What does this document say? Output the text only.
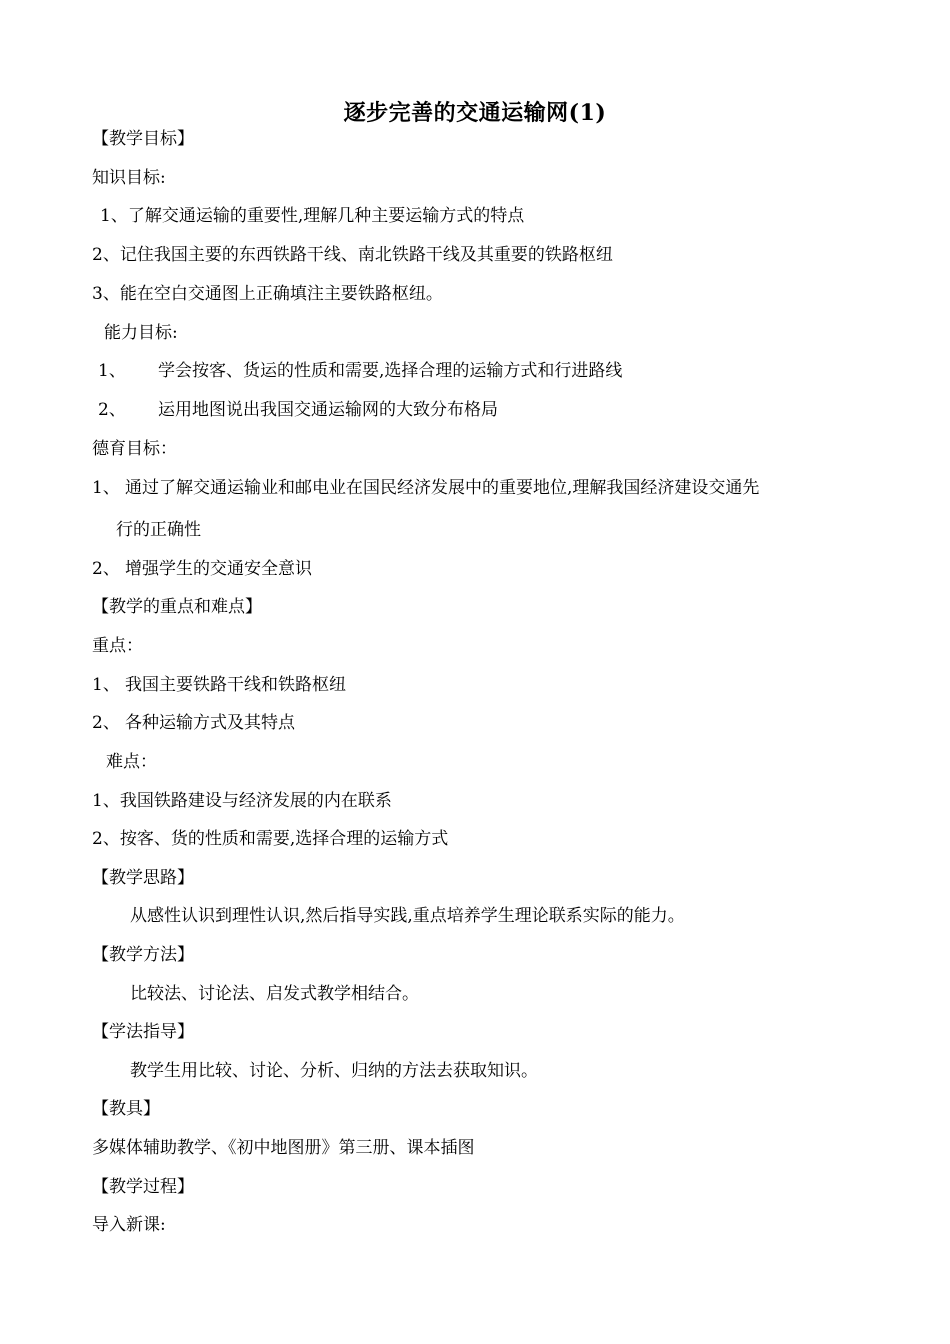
逐步完善的交通运输网(1)
【教学目标】
知识目标:
1、了解交通运输的重要性,理解几种主要运输方式的特点
2、记住我国主要的东西铁路干线、南北铁路干线及其重要的铁路枢纽
3、能在空白交通图上正确填注主要铁路枢纽。
能力目标:
1、 学会按客、货运的性质和需要,选择合理的运输方式和行进路线
2、 运用地图说出我国交通运输网的大致分布格局
德育目标：
1、 通过了解交通运输业和邮电业在国民经济发展中的重要地位,理解我国经济建设交通先
行的正确性
2、 增强学生的交通安全意识
【教学的重点和难点】
重点：
1、 我国主要铁路干线和铁路枢纽
2、 各种运输方式及其特点
难点：
1、我国铁路建设与经济发展的内在联系
2、按客、货的性质和需要,选择合理的运输方式
【教学思路】
从感性认识到理性认识,然后指导实践,重点培养学生理论联系实际的能力。
【教学方法】
比较法、讨论法、启发式教学相结合。
【学法指导】
教学生用比较、讨论、分析、归纳的方法去获取知识。
【教具】
多媒体辅助教学、《初中地图册》第三册、课本插图
【教学过程】
导入新课:
